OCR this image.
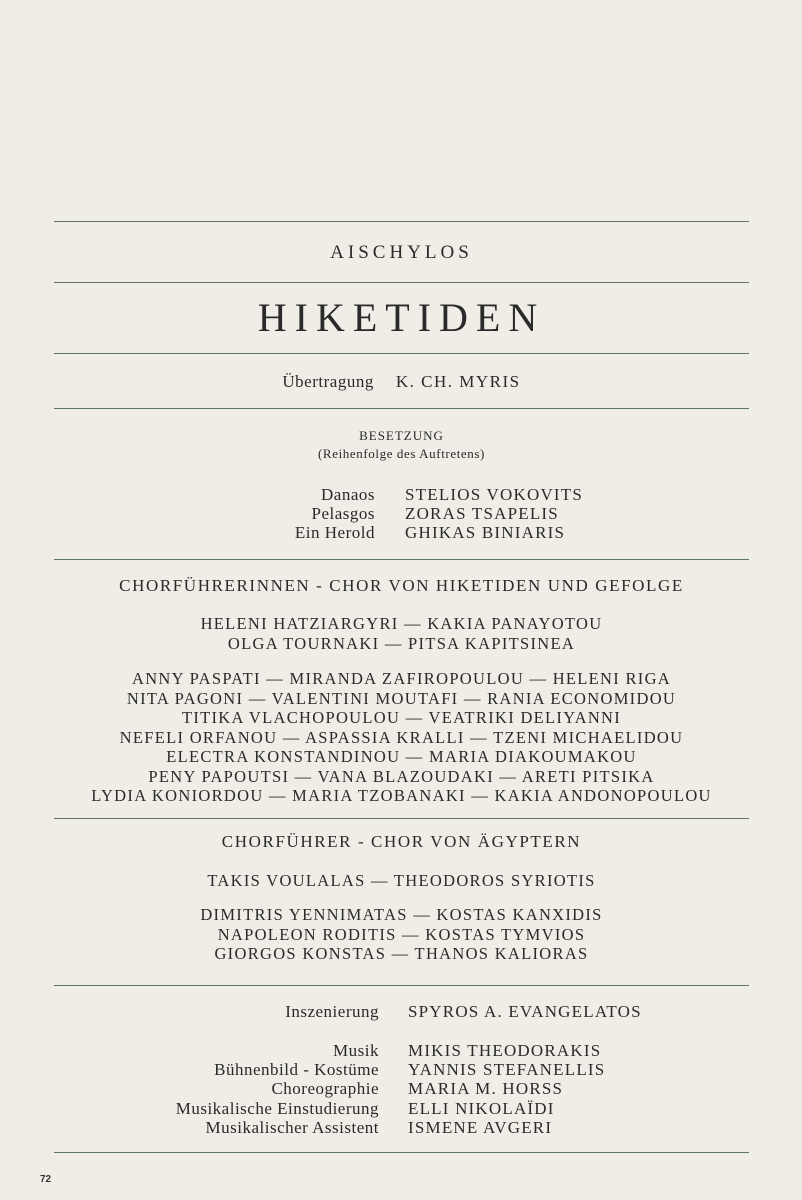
AISCHYLOS
HIKETIDEN
Übertragung K. CH. MYRIS
BESETZUNG
(Reihenfolge des Auftretens)
Danaos STELIOS VOKOVITS
Pelasgos ZORAS TSAPELIS
Ein Herold GHIKAS BINIARIS
CHORFÜHRERINNEN - CHOR VON HIKETIDEN UND GEFOLGE
HELENI HATZIARGYRI — KAKIA PANAYOTOU
OLGA TOURNAKI — PITSA KAPITSINEA
ANNY PASPATI — MIRANDA ZAFIROPOULOU — HELENI RIGA
NITA PAGONI — VALENTINI MOUTAFI — RANIA ECONOMIDOU
TITIKA VLACHOPOULOU — VEATRIKI DELIYANNI
NEFELI ORFANOU — ASPASSIA KRALLI — TZENI MICHAELIDOU
ELECTRA KONSTANDINOU — MARIA DIAKOUMAKOU
PENY PAPOUTSI — VANA BLAZOUDAKI — ARETI PITSIKA
LYDIA KONIORDOU — MARIA TZOBANAKI — KAKIA ANDONOPOULOU
CHORFÜHRER - CHOR VON ÄGYPTERN
TAKIS VOULALAS — THEODOROS SYRIOTIS
DIMITRIS YENNIMATAS — KOSTAS KANXIDIS
NAPOLEON RODITIS — KOSTAS TYMVIOS
GIORGOS KONSTAS — THANOS KALIORAS
Inszenierung SPYROS A. EVANGELATOS
Musik MIKIS THEODORAKIS
Bühnenbild - Kostüme YANNIS STEFANELLIS
Choreographie MARIA M. HORSS
Musikalische Einstudierung ELLI NIKOLAÏDI
Musikalischer Assistent ISMENE AVGERI
72
